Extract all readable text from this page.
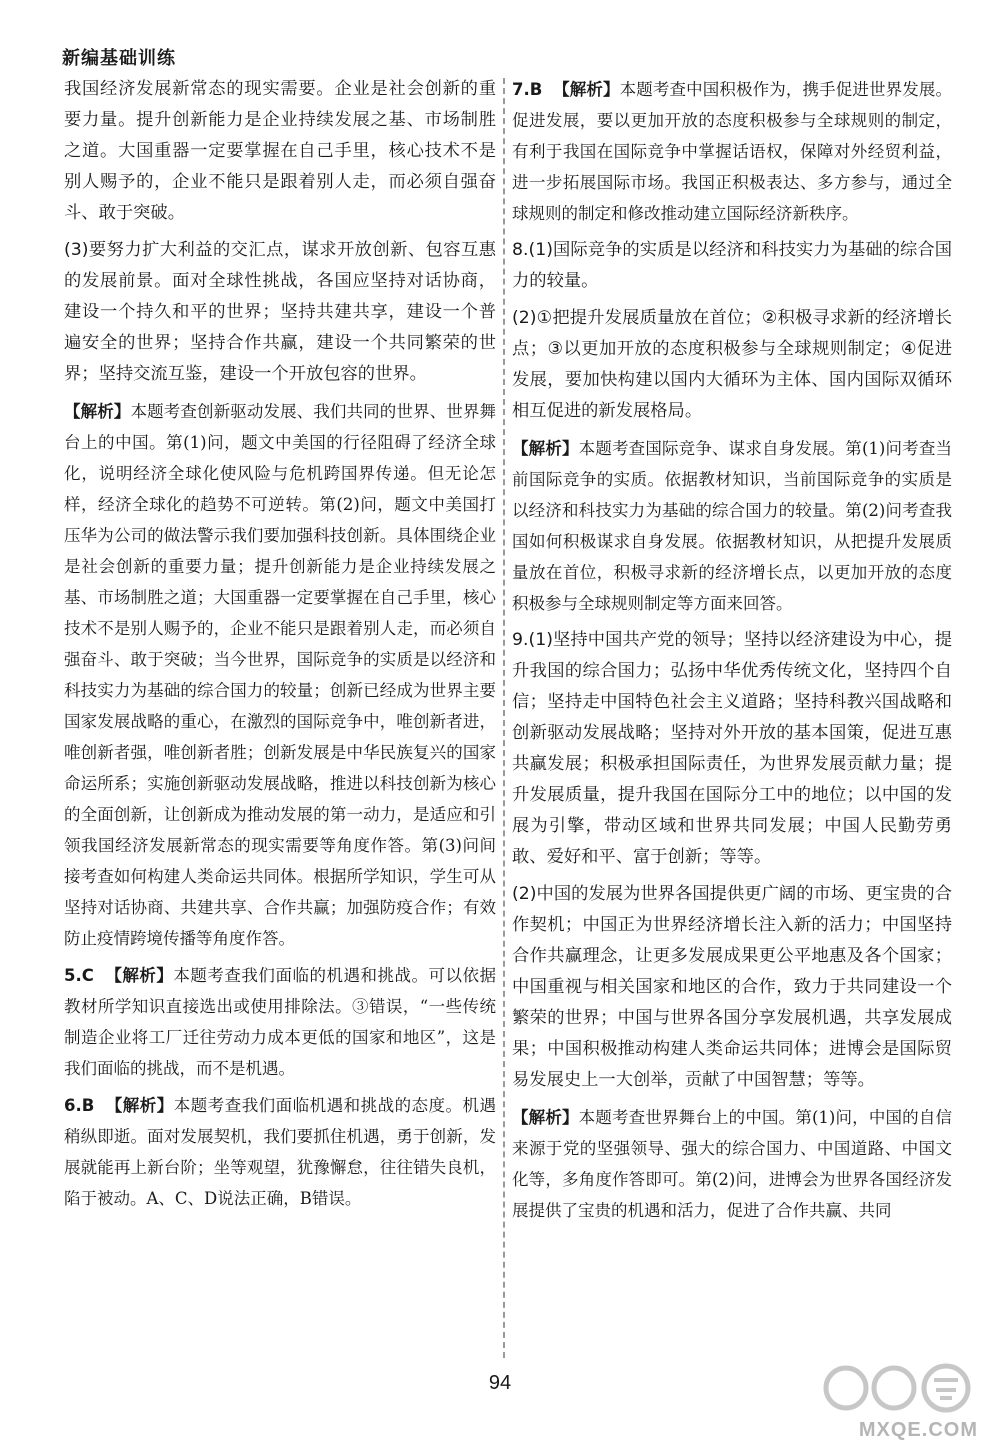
新编基础训练

我国经济发展新常态的现实需要。企业是社会创新的重要力量。提升创新能力是企业持续发展之基、市场制胜之道。大国重器一定要掌握在自己手里，核心技术不是别人赐予的，企业不能只是跟着别人走，而必须自强奋斗、敢于突破。

(3)要努力扩大利益的交汇点，谋求开放创新、包容互惠的发展前景。面对全球性挑战，各国应坚持对话协商，建设一个持久和平的世界；坚持共建共享，建设一个普遍安全的世界；坚持合作共赢，建设一个共同繁荣的世界；坚持交流互鉴，建设一个开放包容的世界。

【解析】本题考查创新驱动发展、我们共同的世界、世界舞台上的中国。第(1)问，题文中美国的行径阻碍了经济全球化，说明经济全球化使风险与危机跨国界传递。但无论怎样，经济全球化的趋势不可逆转。第(2)问，题文中美国打压华为公司的做法警示我们要加强科技创新。具体围绕企业是社会创新的重要力量；提升创新能力是企业持续发展之基、市场制胜之道；大国重器一定要掌握在自己手里，核心技术不是别人赐予的，企业不能只是跟着别人走，而必须自强奋斗、敢于突破；当今世界，国际竞争的实质是以经济和科技实力为基础的综合国力的较量；创新已经成为世界主要国家发展战略的重心，在激烈的国际竞争中，唯创新者进，唯创新者强，唯创新者胜；创新发展是中华民族复兴的国家命运所系；实施创新驱动发展战略，推进以科技创新为核心的全面创新，让创新成为推动发展的第一动力，是适应和引领我国经济发展新常态的现实需要等角度作答。第(3)问间接考查如何构建人类命运共同体。根据所学知识，学生可从坚持对话协商、共建共享、合作共赢；加强防疫合作；有效防止疫情跨境传播等角度作答。

5.C 【解析】本题考查我们面临的机遇和挑战。可以依据教材所学知识直接选出或使用排除法。③错误，“一些传统制造企业将工厂迁往劳动力成本更低的国家和地区”，这是我们面临的挑战，而不是机遇。

6.B 【解析】本题考查我们面临机遇和挑战的态度。机遇稍纵即逝。面对发展契机，我们要抓住机遇，勇于创新，发展就能再上新台阶；坐等观望，犹豫懈怠，往往错失良机，陷于被动。A、C、D说法正确，B错误。

7.B 【解析】本题考查中国积极作为，携手促进世界发展。促进发展，要以更加开放的态度积极参与全球规则的制定，有利于我国在国际竞争中掌握话语权，保障对外经贸利益，进一步拓展国际市场。我国正积极表达、多方参与，通过全球规则的制定和修改推动建立国际经济新秩序。

8.(1)国际竞争的实质是以经济和科技实力为基础的综合国力的较量。

(2)①把提升发展质量放在首位；②积极寻求新的经济增长点；③以更加开放的态度积极参与全球规则制定；④促进发展，要加快构建以国内大循环为主体、国内国际双循环相互促进的新发展格局。

【解析】本题考查国际竞争、谋求自身发展。第(1)问考查当前国际竞争的实质。依据教材知识，当前国际竞争的实质是以经济和科技实力为基础的综合国力的较量。第(2)问考查我国如何积极谋求自身发展。依据教材知识，从把提升发展质量放在首位，积极寻求新的经济增长点，以更加开放的态度积极参与全球规则制定等方面来回答。

9.(1)坚持中国共产党的领导；坚持以经济建设为中心，提升我国的综合国力；弘扬中华优秀传统文化，坚持四个自信；坚持走中国特色社会主义道路；坚持科教兴国战略和创新驱动发展战略；坚持对外开放的基本国策，促进互惠共赢发展；积极承担国际责任，为世界发展贡献力量；提升发展质量，提升我国在国际分工中的地位；以中国的发展为引擎，带动区域和世界共同发展；中国人民勤劳勇敢、爱好和平、富于创新；等等。

(2)中国的发展为世界各国提供更广阔的市场、更宝贵的合作契机；中国正为世界经济增长注入新的活力；中国坚持合作共赢理念，让更多发展成果更公平地惠及各个国家；中国重视与相关国家和地区的合作，致力于共同建设一个繁荣的世界；中国与世界各国分享发展机遇，共享发展成果；中国积极推动构建人类命运共同体；进博会是国际贸易发展史上一大创举，贡献了中国智慧；等等。

【解析】本题考查世界舞台上的中国。第(1)问，中国的自信来源于党的坚强领导、强大的综合国力、中国道路、中国文化等，多角度作答即可。第(2)问，进博会为世界各国经济发展提供了宝贵的机遇和活力，促进了合作共赢、共同

94
MXQE.COM
